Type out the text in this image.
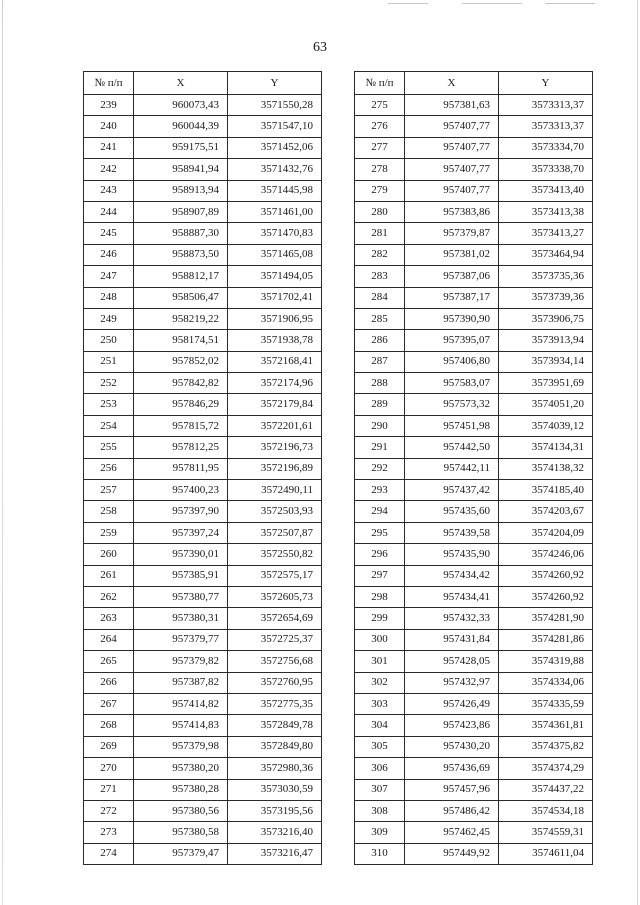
63
№ п/п	X	Y
239	960073,43	3571550,28
240	960044,39	3571547,10
241	959175,51	3571452,06
242	958941,94	3571432,76
243	958913,94	3571445,98
244	958907,89	3571461,00
245	958887,30	3571470,83
246	958873,50	3571465,08
247	958812,17	3571494,05
248	958506,47	3571702,41
249	958219,22	3571906,95
250	958174,51	3571938,78
251	957852,02	3572168,41
252	957842,82	3572174,96
253	957846,29	3572179,84
254	957815,72	3572201,61
255	957812,25	3572196,73
256	957811,95	3572196,89
257	957400,23	3572490,11
258	957397,90	3572503,93
259	957397,24	3572507,87
260	957390,01	3572550,82
261	957385,91	3572575,17
262	957380,77	3572605,73
263	957380,31	3572654,69
264	957379,77	3572725,37
265	957379,82	3572756,68
266	957387,82	3572760,95
267	957414,82	3572775,35
268	957414,83	3572849,78
269	957379,98	3572849,80
270	957380,20	3572980,36
271	957380,28	3573030,59
272	957380,56	3573195,56
273	957380,58	3573216,40
274	957379,47	3573216,47
№ п/п	X	Y
275	957381,63	3573313,37
276	957407,77	3573313,37
277	957407,77	3573334,70
278	957407,77	3573338,70
279	957407,77	3573413,40
280	957383,86	3573413,38
281	957379,87	3573413,27
282	957381,02	3573464,94
283	957387,06	3573735,36
284	957387,17	3573739,36
285	957390,90	3573906,75
286	957395,07	3573913,94
287	957406,80	3573934,14
288	957583,07	3573951,69
289	957573,32	3574051,20
290	957451,98	3574039,12
291	957442,50	3574134,31
292	957442,11	3574138,32
293	957437,42	3574185,40
294	957435,60	3574203,67
295	957439,58	3574204,09
296	957435,90	3574246,06
297	957434,42	3574260,92
298	957434,41	3574260,92
299	957432,33	3574281,90
300	957431,84	3574281,86
301	957428,05	3574319,88
302	957432,97	3574334,06
303	957426,49	3574335,59
304	957423,86	3574361,81
305	957430,20	3574375,82
306	957436,69	3574374,29
307	957457,96	3574437,22
308	957486,42	3574534,18
309	957462,45	3574559,31
310	957449,92	3574611,04
